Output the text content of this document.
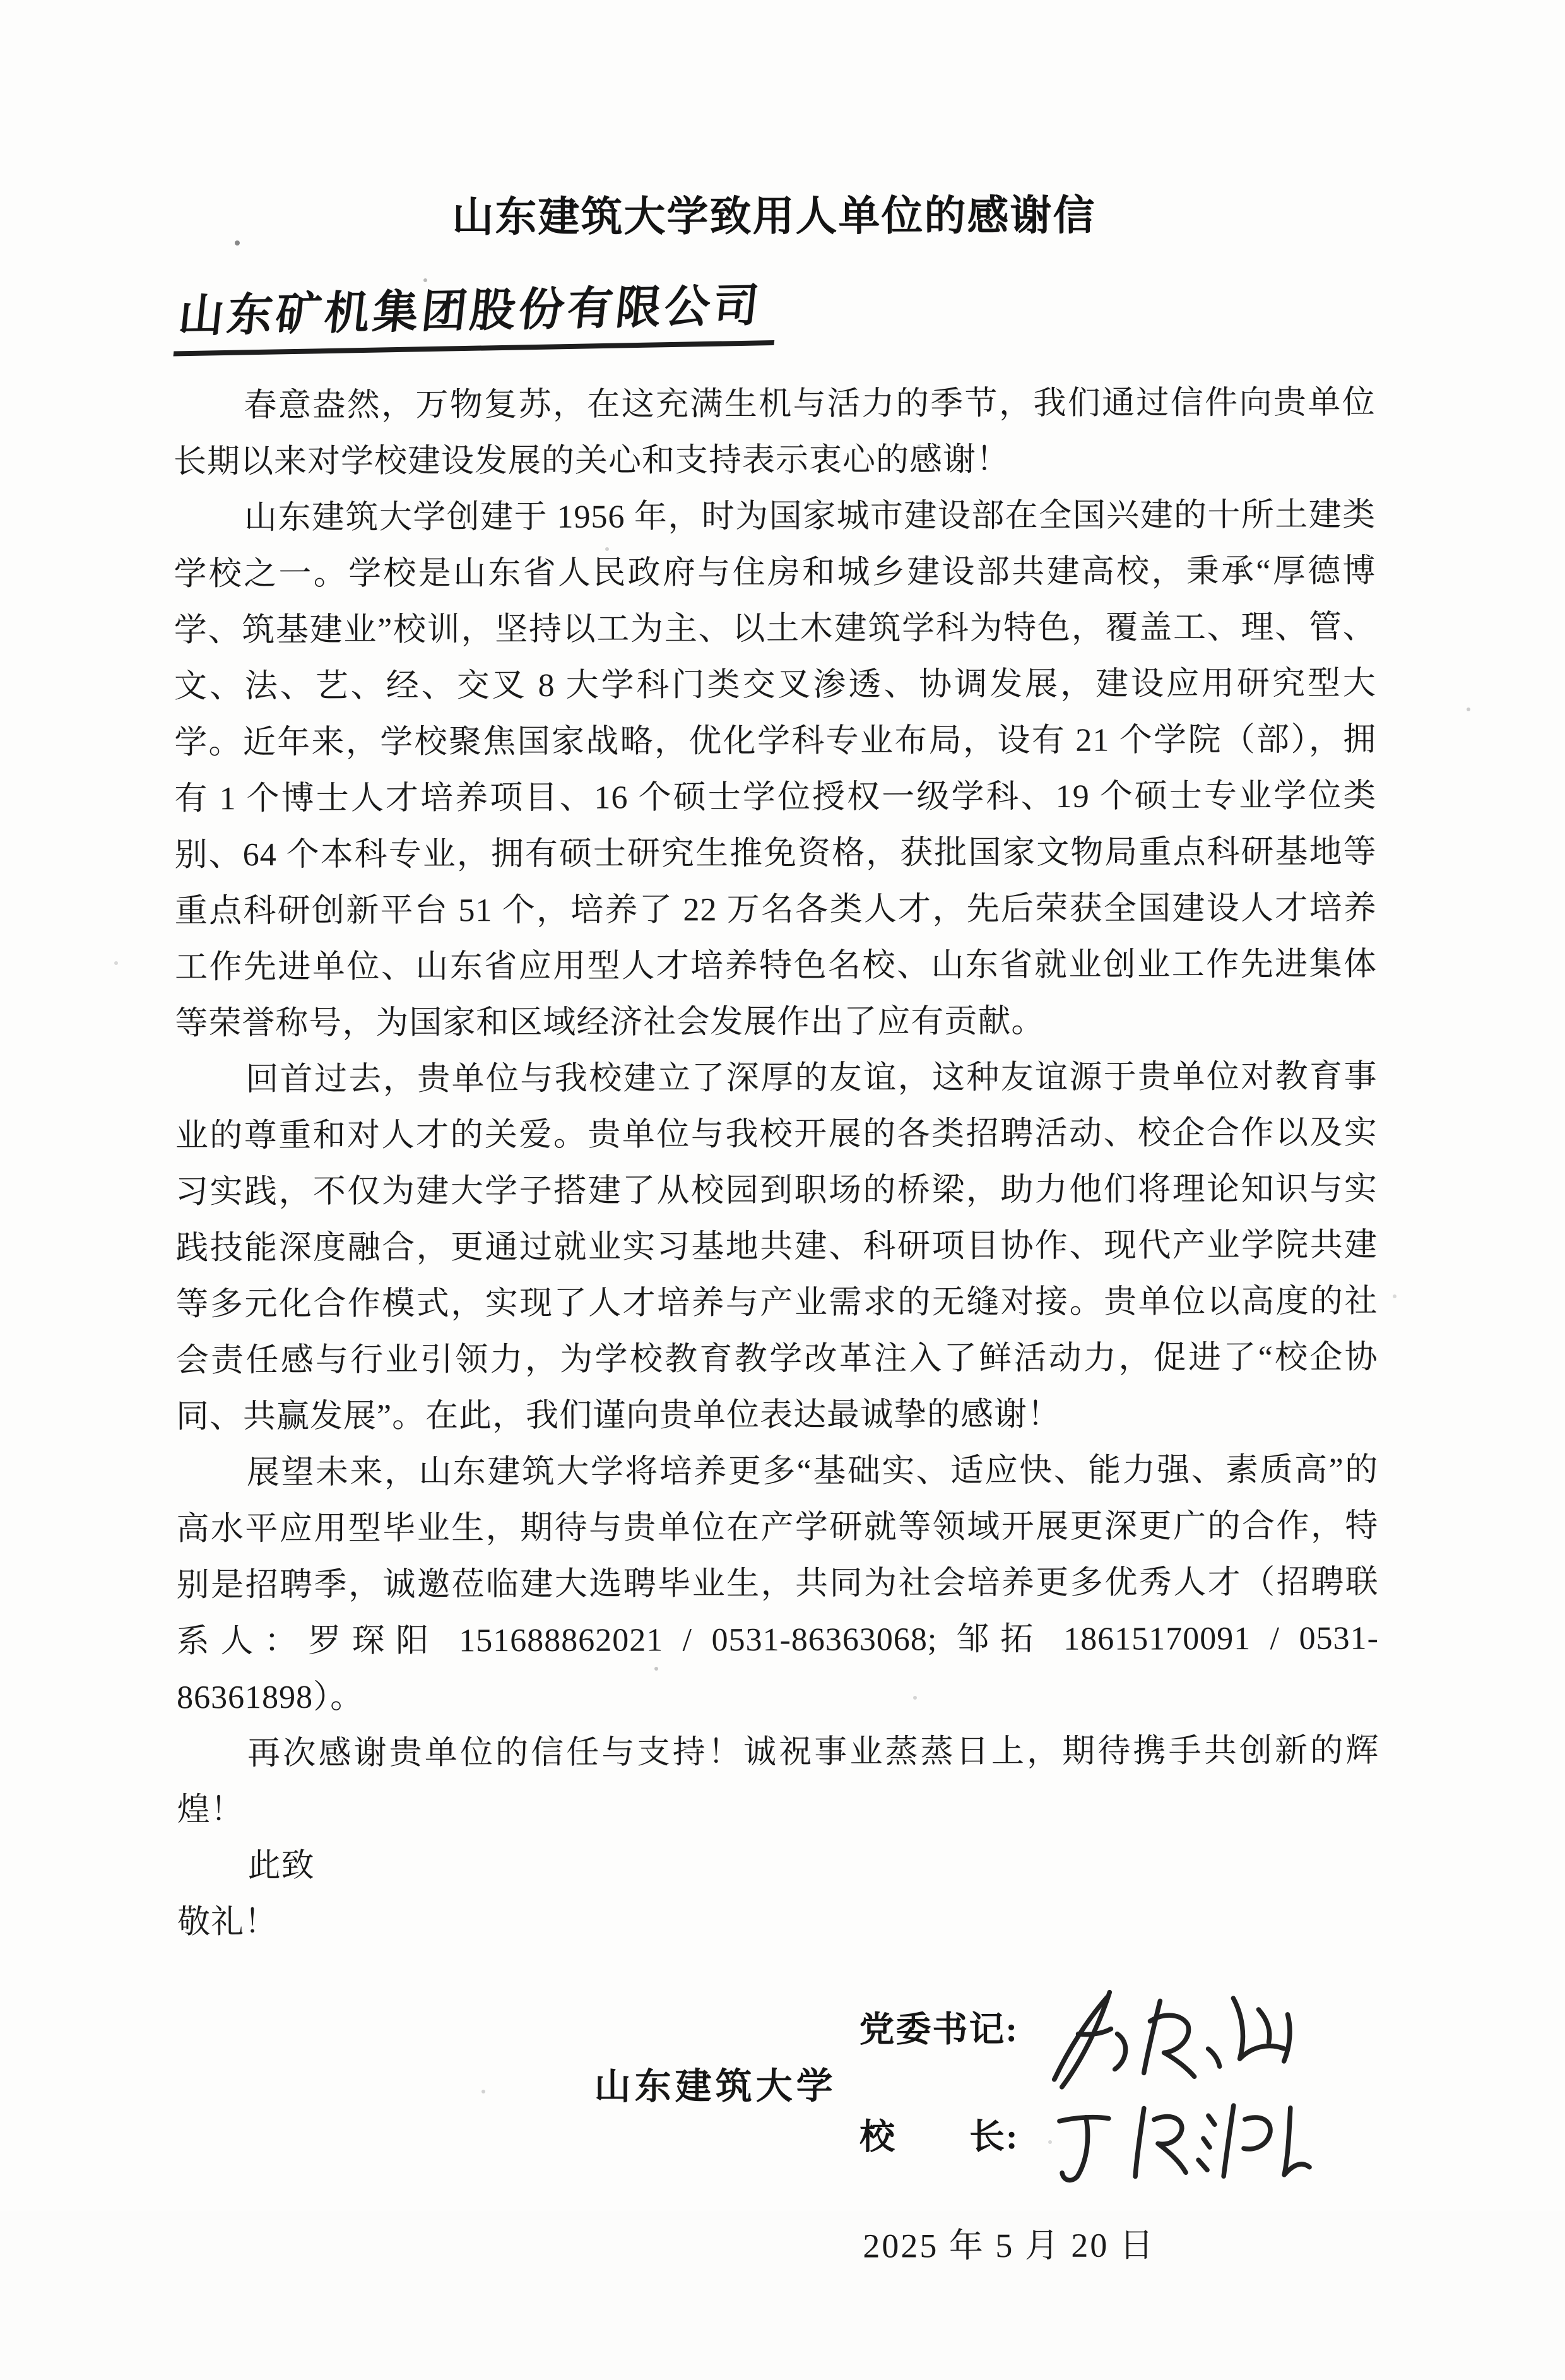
山东建筑大学致用人单位的感谢信
山东矿机集团股份有限公司

春意盎然，万物复苏，在这充满生机与活力的季节，我们通过信件向贵单位长期以来对学校建设发展的关心和支持表示衷心的感谢！

山东建筑大学创建于 1956 年，时为国家城市建设部在全国兴建的十所土建类学校之一。学校是山东省人民政府与住房和城乡建设部共建高校，秉承“厚德博学、筑基建业”校训，坚持以工为主、以土木建筑学科为特色，覆盖工、理、管、文、法、艺、经、交叉 8 大学科门类交叉渗透、协调发展，建设应用研究型大学。近年来，学校聚焦国家战略，优化学科专业布局，设有 21 个学院（部），拥有 1 个博士人才培养项目、16 个硕士学位授权一级学科、19 个硕士专业学位类别、64 个本科专业，拥有硕士研究生推免资格，获批国家文物局重点科研基地等重点科研创新平台 51 个，培养了 22 万名各类人才，先后荣获全国建设人才培养工作先进单位、山东省应用型人才培养特色名校、山东省就业创业工作先进集体等荣誉称号，为国家和区域经济社会发展作出了应有贡献。

回首过去，贵单位与我校建立了深厚的友谊，这种友谊源于贵单位对教育事业的尊重和对人才的关爱。贵单位与我校开展的各类招聘活动、校企合作以及实习实践，不仅为建大学子搭建了从校园到职场的桥梁，助力他们将理论知识与实践技能深度融合，更通过就业实习基地共建、科研项目协作、现代产业学院共建等多元化合作模式，实现了人才培养与产业需求的无缝对接。贵单位以高度的社会责任感与行业引领力，为学校教育教学改革注入了鲜活动力，促进了“校企协同、共赢发展”。在此，我们谨向贵单位表达最诚挚的感谢！

展望未来，山东建筑大学将培养更多“基础实、适应快、能力强、素质高”的高水平应用型毕业生，期待与贵单位在产学研就等领域开展更深更广的合作，特别是招聘季，诚邀莅临建大选聘毕业生，共同为社会培养更多优秀人才（招聘联系人：罗琛阳 151688862021 / 0531-86363068; 邹拓 18615170091 / 0531-86361898）。

再次感谢贵单位的信任与支持！诚祝事业蒸蒸日上，期待携手共创新的辉煌！

此致

敬礼！

山东建筑大学
党委书记:
校　　长:
2025 年 5 月 20 日
